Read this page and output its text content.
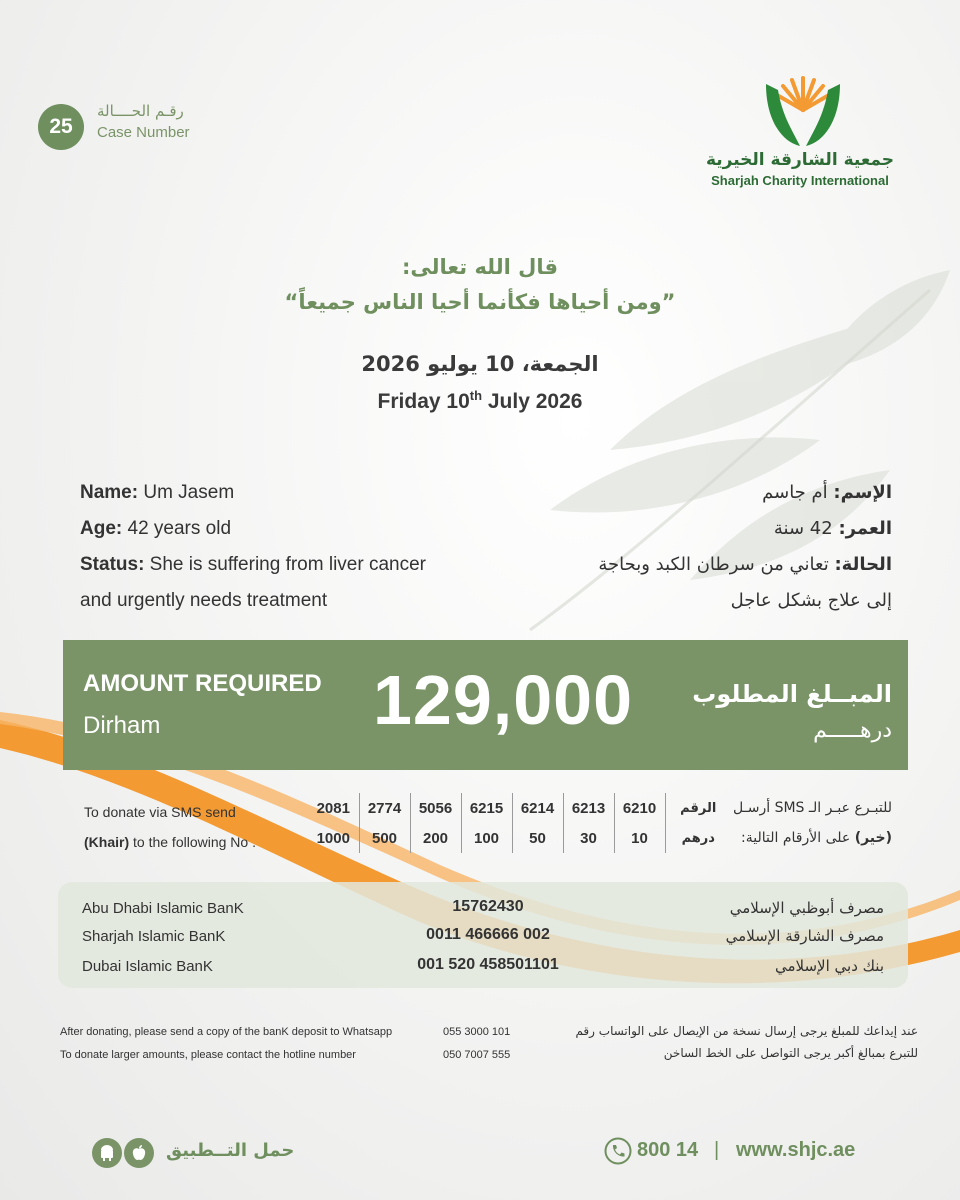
25
رقـم الحــــالة
Case Number
جمعية الشارقة الخيرية
Sharjah Charity International
قال الله تعالى:
”ومن أحياها فكأنما أحيا الناس جميعاً“
الجمعة، 10 يوليو 2026
Friday 10th July 2026
Name: Um Jasem
Age: 42 years old
Status: She is suffering from liver cancer
and urgently needs treatment
الإسم: أم جاسم
العمر: 42 سنة
الحالة: تعاني من سرطان الكبد وبحاجة
إلى علاج بشكل عاجل
AMOUNT REQUIRED
Dirham	129,000	المبــلغ المطلوب
درهـــــم
To donate via SMS send
(Khair) to the following No .
للتبـرع عبـر الـ SMS أرسـل
(خير) على الأرقام التالية:
2081	2774	5056	6215	6214	6213	6210	الرقم
1000	500	200	100	50	30	10	درهم
Abu Dhabi Islamic BanK	15762430	مصرف أبوظبي الإسلامي
Sharjah Islamic BanK	0011 466666 002	مصرف الشارقة الإسلامي
Dubai Islamic BanK	001 520 458501101	بنك دبي الإسلامي
After donating, please send a copy of the banK deposit to Whatsapp	055 3000 101
To donate larger amounts, please contact the hotline number	050 7007 555
عند إيداعك للمبلغ يرجى إرسال نسخة من الإيصال على الواتساب رقم
للتبرع بمبالغ أكبر يرجى التواصل على الخط الساخن
حمل التــطبيق	800 14 | www.shjc.ae
